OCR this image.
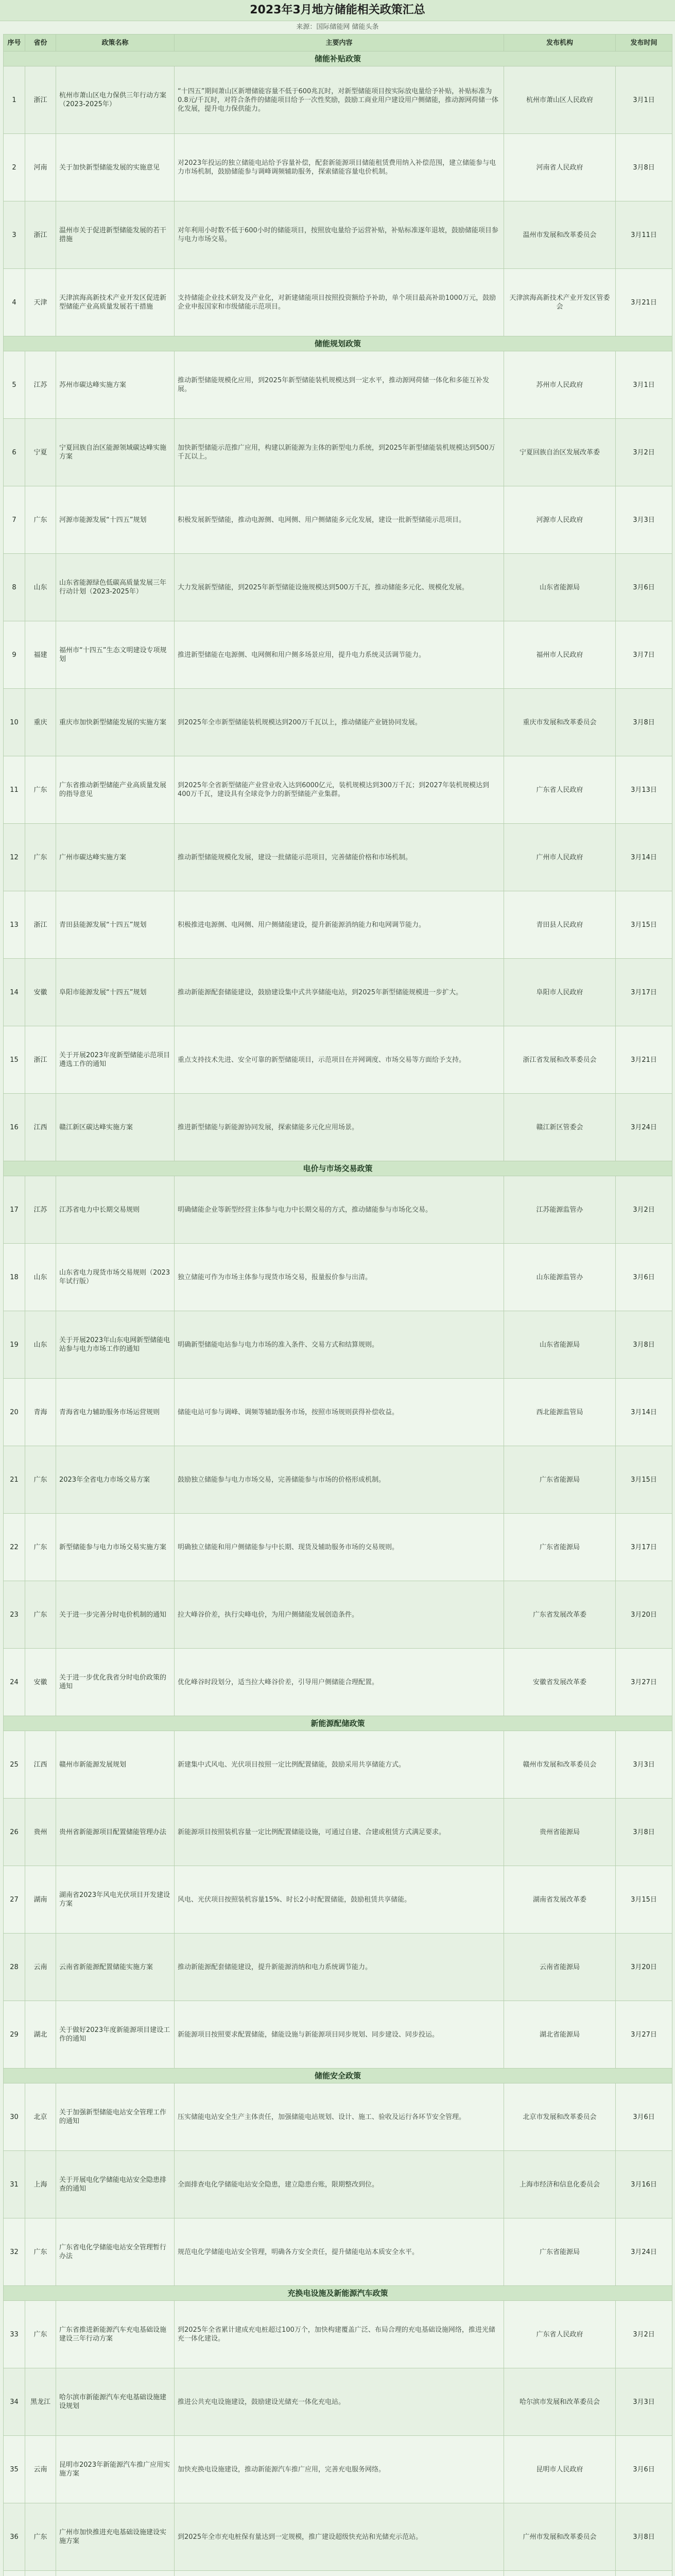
2023年3月地方储能相关政策汇总
来源：国际储能网 储能头条
序号	省份	政策名称	主要内容	发布机构	发布时间
储能补贴政策					
1	浙江	杭州市萧山区电力保供三年行动方案（2023-2025年）	“十四五”期间萧山区新增储能容量不低于600兆瓦时，对新型储能项目按实际放电量给予补贴，补贴标准为0.8元/千瓦时，对符合条件的储能项目给予一次性奖励，鼓励工商业用户建设用户侧储能，推动源网荷储一体化发展，提升电力保供能力。	杭州市萧山区人民政府	3月1日
2	河南	关于加快新型储能发展的实施意见	对2023年投运的独立储能电站给予容量补偿，配套新能源项目储能租赁费用纳入补偿范围，建立储能参与电力市场机制，鼓励储能参与调峰调频辅助服务，探索储能容量电价机制。	河南省人民政府	3月8日
3	浙江	温州市关于促进新型储能发展的若干措施	对年利用小时数不低于600小时的储能项目，按照放电量给予运营补贴，补贴标准逐年退坡，鼓励储能项目参与电力市场交易。	温州市发展和改革委员会	3月11日
4	天津	天津滨海高新技术产业开发区促进新型储能产业高质量发展若干措施	支持储能企业技术研发及产业化，对新建储能项目按照投资额给予补助，单个项目最高补助1000万元，鼓励企业申报国家和市级储能示范项目。	天津滨海高新技术产业开发区管委会	3月21日
储能规划政策					
5	江苏	苏州市碳达峰实施方案	推动新型储能规模化应用，到2025年新型储能装机规模达到一定水平，推动源网荷储一体化和多能互补发展。	苏州市人民政府	3月1日
6	宁夏	宁夏回族自治区能源领域碳达峰实施方案	加快新型储能示范推广应用，构建以新能源为主体的新型电力系统，到2025年新型储能装机规模达到500万千瓦以上。	宁夏回族自治区发展改革委	3月2日
7	广东	河源市能源发展“十四五”规划	积极发展新型储能，推动电源侧、电网侧、用户侧储能多元化发展，建设一批新型储能示范项目。	河源市人民政府	3月3日
8	山东	山东省能源绿色低碳高质量发展三年行动计划（2023-2025年）	大力发展新型储能，到2025年新型储能设施规模达到500万千瓦，推动储能多元化、规模化发展。	山东省能源局	3月6日
9	福建	福州市“十四五”生态文明建设专项规划	推进新型储能在电源侧、电网侧和用户侧多场景应用，提升电力系统灵活调节能力。	福州市人民政府	3月7日
10	重庆	重庆市加快新型储能发展的实施方案	到2025年全市新型储能装机规模达到200万千瓦以上，推动储能产业链协同发展。	重庆市发展和改革委员会	3月8日
11	广东	广东省推动新型储能产业高质量发展的指导意见	到2025年全省新型储能产业营业收入达到6000亿元，装机规模达到300万千瓦；到2027年装机规模达到400万千瓦，建设具有全球竞争力的新型储能产业集群。	广东省人民政府	3月13日
12	广东	广州市碳达峰实施方案	推动新型储能规模化发展，建设一批储能示范项目，完善储能价格和市场机制。	广州市人民政府	3月14日
13	浙江	青田县能源发展“十四五”规划	积极推进电源侧、电网侧、用户侧储能建设，提升新能源消纳能力和电网调节能力。	青田县人民政府	3月15日
14	安徽	阜阳市能源发展“十四五”规划	推动新能源配套储能建设，鼓励建设集中式共享储能电站，到2025年新型储能规模进一步扩大。	阜阳市人民政府	3月17日
15	浙江	关于开展2023年度新型储能示范项目遴选工作的通知	重点支持技术先进、安全可靠的新型储能项目，示范项目在并网调度、市场交易等方面给予支持。	浙江省发展和改革委员会	3月21日
16	江西	赣江新区碳达峰实施方案	推进新型储能与新能源协同发展，探索储能多元化应用场景。	赣江新区管委会	3月24日
电价与市场交易政策					
17	江苏	江苏省电力中长期交易规则	明确储能企业等新型经营主体参与电力中长期交易的方式，推动储能参与市场化交易。	江苏能源监管办	3月2日
18	山东	山东省电力现货市场交易规则（2023年试行版）	独立储能可作为市场主体参与现货市场交易，报量报价参与出清。	山东能源监管办	3月6日
19	山东	关于开展2023年山东电网新型储能电站参与电力市场工作的通知	明确新型储能电站参与电力市场的准入条件、交易方式和结算规则。	山东省能源局	3月8日
20	青海	青海省电力辅助服务市场运营规则	储能电站可参与调峰、调频等辅助服务市场，按照市场规则获得补偿收益。	西北能源监管局	3月14日
21	广东	2023年全省电力市场交易方案	鼓励独立储能参与电力市场交易，完善储能参与市场的价格形成机制。	广东省能源局	3月15日
22	广东	新型储能参与电力市场交易实施方案	明确独立储能和用户侧储能参与中长期、现货及辅助服务市场的交易规则。	广东省能源局	3月17日
23	广东	关于进一步完善分时电价机制的通知	拉大峰谷价差，执行尖峰电价，为用户侧储能发展创造条件。	广东省发展改革委	3月20日
24	安徽	关于进一步优化我省分时电价政策的通知	优化峰谷时段划分，适当拉大峰谷价差，引导用户侧储能合理配置。	安徽省发展改革委	3月27日
新能源配储政策					
25	江西	赣州市新能源发展规划	新建集中式风电、光伏项目按照一定比例配置储能，鼓励采用共享储能方式。	赣州市发展和改革委员会	3月3日
26	贵州	贵州省新能源项目配置储能管理办法	新能源项目按照装机容量一定比例配置储能设施，可通过自建、合建或租赁方式满足要求。	贵州省能源局	3月8日
27	湖南	湖南省2023年风电光伏项目开发建设方案	风电、光伏项目按照装机容量15%、时长2小时配置储能，鼓励租赁共享储能。	湖南省发展改革委	3月15日
28	云南	云南省新能源配置储能实施方案	推动新能源配套储能建设，提升新能源消纳和电力系统调节能力。	云南省能源局	3月20日
29	湖北	关于做好2023年度新能源项目建设工作的通知	新能源项目按照要求配置储能，储能设施与新能源项目同步规划、同步建设、同步投运。	湖北省能源局	3月27日
储能安全政策					
30	北京	关于加强新型储能电站安全管理工作的通知	压实储能电站安全生产主体责任，加强储能电站规划、设计、施工、验收及运行各环节安全管理。	北京市发展和改革委员会	3月6日
31	上海	关于开展电化学储能电站安全隐患排查的通知	全面排查电化学储能电站安全隐患，建立隐患台账，限期整改到位。	上海市经济和信息化委员会	3月16日
32	广东	广东省电化学储能电站安全管理暂行办法	规范电化学储能电站安全管理，明确各方安全责任，提升储能电站本质安全水平。	广东省能源局	3月24日
充换电设施及新能源汽车政策					
33	广东	广东省推进新能源汽车充电基础设施建设三年行动方案	到2025年全省累计建成充电桩超过100万个，加快构建覆盖广泛、布局合理的充电基础设施网络，推进光储充一体化建设。	广东省人民政府	3月2日
34	黑龙江	哈尔滨市新能源汽车充电基础设施建设规划	推进公共充电设施建设，鼓励建设光储充一体化充电站。	哈尔滨市发展和改革委员会	3月3日
35	云南	昆明市2023年新能源汽车推广应用实施方案	加快充换电设施建设，推动新能源汽车推广应用，完善充电服务网络。	昆明市人民政府	3月6日
36	广东	广州市加快推进充电基础设施建设实施方案	到2025年全市充电桩保有量达到一定规模，推广建设超级快充站和光储充示范站。	广州市发展和改革委员会	3月8日
